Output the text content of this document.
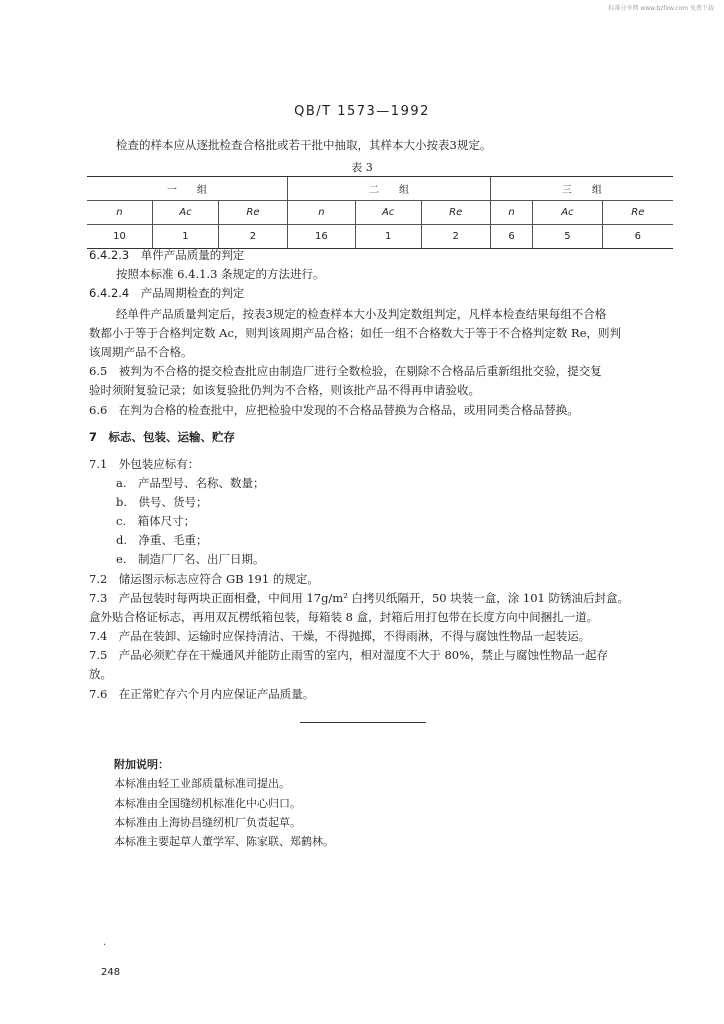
标准分享网 www.bzfxw.com 免费下载
QB/T 1573—1992
检查的样本应从逐批检查合格批或若干批中抽取，其样本大小按表3规定。
表 3
一　　组			二　　组			三　　组		
n	Ac	Re	n	Ac	Re	n	Ac	Re
10	1	2	16	1	2	6	5	6
6.4.2.3　单件产品质量的判定
按照本标准 6.4.1.3 条规定的方法进行。
6.4.2.4　产品周期检查的判定
经单件产品质量判定后，按表3规定的检查样本大小及判定数组判定，凡样本检查结果每组不合格
数都小于等于合格判定数 Ac，则判该周期产品合格；如任一组不合格数大于等于不合格判定数 Re，则判
该周期产品不合格。
6.5　被判为不合格的提交检查批应由制造厂进行全数检验，在剔除不合格品后重新组批交验，提交复
验时须附复验记录；如该复验批仍判为不合格，则该批产品不得再申请验收。
6.6　在判为合格的检查批中，应把检验中发现的不合格品替换为合格品，或用同类合格品替换。
7　标志、包装、运输、贮存
7.1　外包装应标有：
a.　产品型号、名称、数量；
b.　供号、货号；
c.　箱体尺寸；
d.　净重、毛重；
e.　制造厂厂名、出厂日期。
7.2　储运图示标志应符合 GB 191 的规定。
7.3　产品包装时每两块正面相叠，中间用 17g/m² 白拷贝纸隔开，50 块装一盒，涂 101 防锈油后封盒。
盒外贴合格证标志，再用双瓦楞纸箱包装，每箱装 8 盒，封箱后用打包带在长度方向中间捆扎一道。
7.4　产品在装卸、运输时应保持清洁、干燥，不得抛掷，不得雨淋，不得与腐蚀性物品一起装运。
7.5　产品必须贮存在干燥通风并能防止雨雪的室内，相对湿度不大于 80%，禁止与腐蚀性物品一起存
放。
7.6　在正常贮存六个月内应保证产品质量。
附加说明：
本标准由轻工业部质量标准司提出。
本标准由全国缝纫机标准化中心归口。
本标准由上海协昌缝纫机厂负责起草。
本标准主要起草人董学军、陈家联、郑鹤林。
·
248
